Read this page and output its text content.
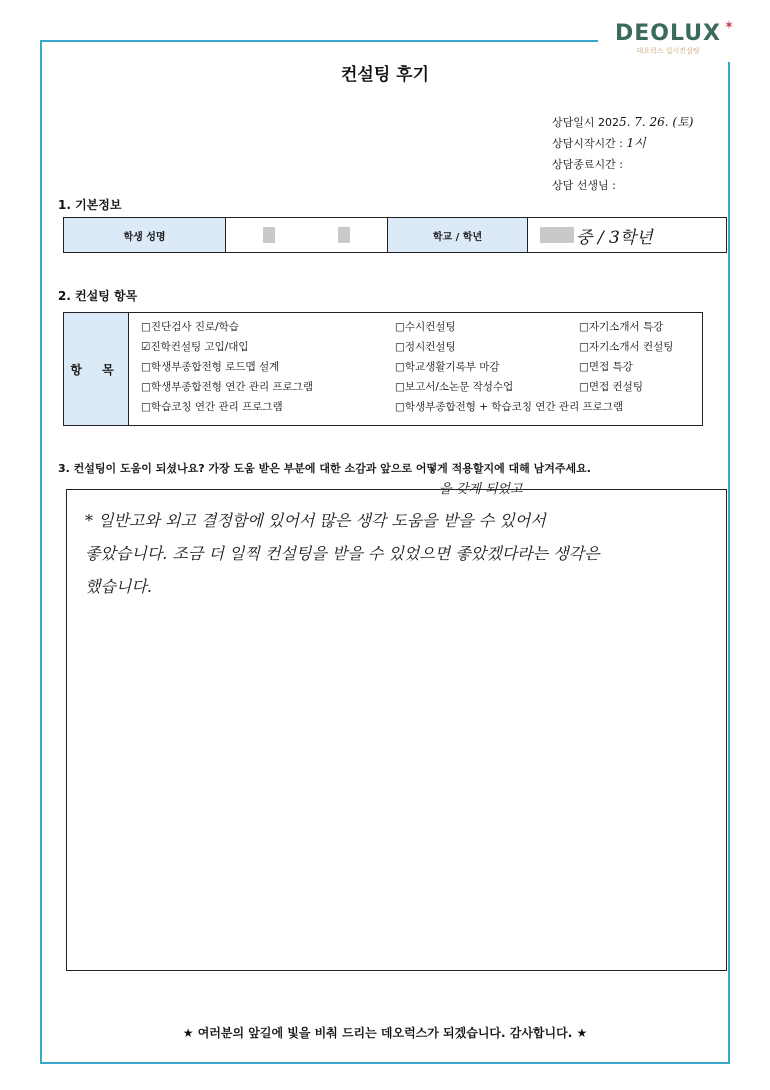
DEOLUX ✶
데오럭스 입시컨설팅
컨설팅 후기
상담일시 2025. 7. 26. (토)
상담시작시간 : 1시
상담종료시간 :
상담 선생님 :
1. 기본정보
학생 성명	학교 / 학년	중 / 3학년
2. 컨설팅 항목
항 목
□진단검사 진로/학습
☑진학컨설팅 고입/대입
□학생부종합전형 로드맵 설계
□학생부종합전형 연간 관리 프로그램
□학습코칭 연간 관리 프로그램
□수시컨설팅
□정시컨설팅
□학교생활기록부 마감
□보고서/소논문 작성수업
□학생부종합전형 + 학습코칭 연간 관리 프로그램
□자기소개서 특강
□자기소개서 컨설팅
□면접 특강
□면접 컨설팅
3. 컨설팅이 도움이 되셨나요? 가장 도움 받은 부분에 대한 소감과 앞으로 어떻게 적용할지에 대해 남겨주세요.
을 갖게 되었고
* 일반고와 외고 결정함에 있어서 많은 생각 도움을 받을 수 있어서
좋았습니다. 조금 더 일찍 컨설팅을 받을 수 있었으면 좋았겠다라는 생각은
했습니다.
★ 여러분의 앞길에 빛을 비춰 드리는 데오럭스가 되겠습니다. 감사합니다. ★
